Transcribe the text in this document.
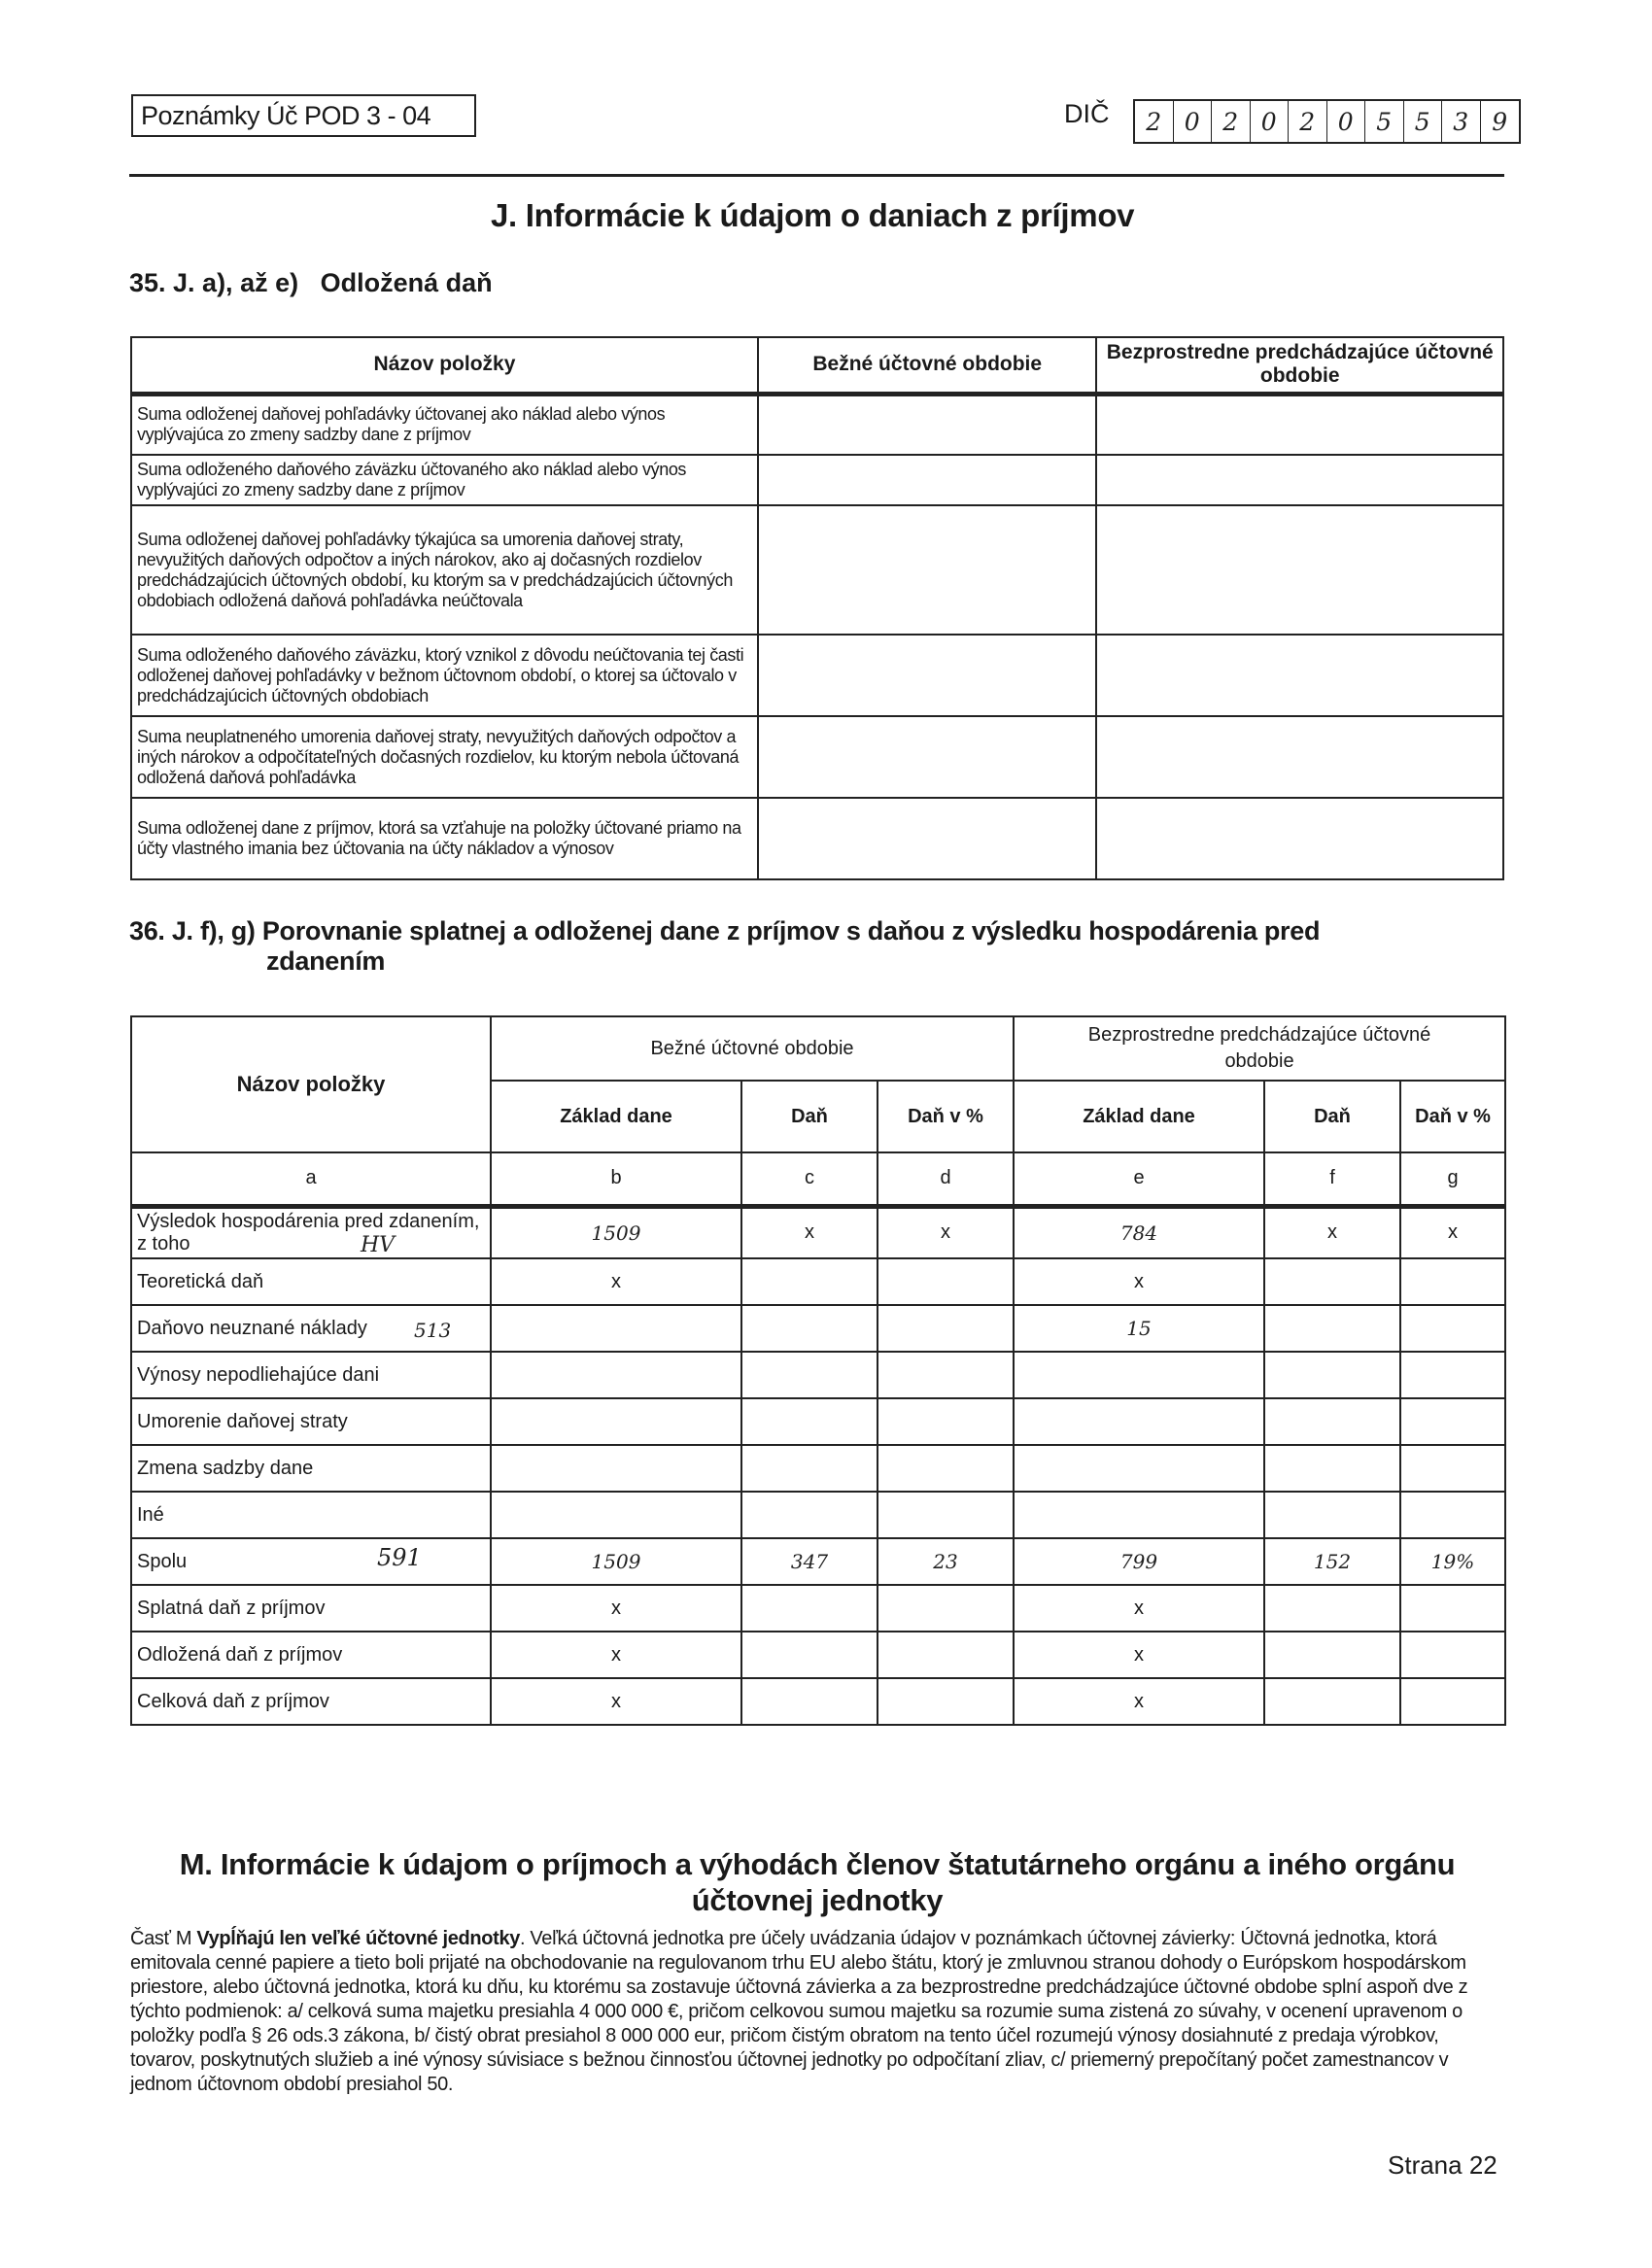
Poznámky Úč POD 3 - 04	DIČ	2 0 2 0 2 0 5 5 3 9
J. Informácie k údajom o daniach z príjmov
35. J. a), až e)   Odložená daň
Názov položky	Bežné účtovné obdobie	Bezprostredne predchádzajúce účtovné obdobie
Suma odloženej daňovej pohľadávky účtovanej ako náklad alebo výnos vyplývajúca zo zmeny sadzby dane z príjmov		
Suma odloženého daňového záväzku účtovaného ako náklad alebo výnos vyplývajúci zo zmeny sadzby dane z príjmov		
Suma odloženej daňovej pohľadávky týkajúca sa umorenia daňovej straty, nevyužitých daňových odpočtov a iných nárokov, ako aj dočasných rozdielov predchádzajúcich účtovných období, ku ktorým sa v predchádzajúcich účtovných obdobiach odložená daňová pohľadávka neúčtovala		
Suma odloženého daňového záväzku, ktorý vznikol z dôvodu neúčtovania tej časti odloženej daňovej pohľadávky v bežnom účtovnom období, o ktorej sa účtovalo v predchádzajúcich účtovných obdobiach		
Suma neuplatneného umorenia daňovej straty, nevyužitých daňových odpočtov a iných nárokov a odpočítateľných dočasných rozdielov, ku ktorým nebola účtovaná odložená daňová pohľadávka		
Suma odloženej dane z príjmov, ktorá sa vzťahuje na položky účtované priamo na účty vlastného imania bez účtovania na účty nákladov a výnosov		
36. J. f), g) Porovnanie splatnej a odloženej dane z príjmov s daňou z výsledku hospodárenia pred
zdanením
Názov položky	Bežné účtovné obdobie			Bezprostredne predchádzajúce účtovné obdobie		
	Základ dane	Daň	Daň v %	Základ dane	Daň	Daň v %
a	b	c	d	e	f	g
Výsledok hospodárenia pred zdanením, z toho HV	1509	x	x	784	x	x
Teoretická daň	x			x		
Daňovo neuznané náklady 513				15		
Výnosy nepodliehajúce dani						
Umorenie daňovej straty						
Zmena sadzby dane						
Iné						
Spolu 591	1509	347	23	799	152	19%
Splatná daň z príjmov	x			x		
Odložená daň z príjmov	x			x		
Celková daň z príjmov	x			x		
M. Informácie k údajom o príjmoch a výhodách členov štatutárneho orgánu a iného orgánu účtovnej jednotky
Časť M Vypĺňajú len veľké účtovné jednotky. Veľká účtovná jednotka pre účely uvádzania údajov v poznámkach účtovnej závierky: Účtovná jednotka, ktorá emitovala cenné papiere a tieto boli prijaté na obchodovanie na regulovanom trhu EU alebo štátu, ktorý je zmluvnou stranou dohody o Európskom hospodárskom priestore, alebo účtovná jednotka, ktorá ku dňu, ku ktorému sa zostavuje účtovná závierka a za bezprostredne predchádzajúce účtovné obdobe splní aspoň dve z týchto podmienok: a/ celková suma majetku presiahla 4 000 000 €, pričom celkovou sumou majetku sa rozumie suma zistená zo súvahy, v ocenení upravenom o položky podľa § 26 ods.3 zákona, b/ čistý obrat presiahol 8 000 000 eur, pričom čistým obratom na tento účel rozumejú výnosy dosiahnuté z predaja výrobkov, tovarov, poskytnutých služieb a iné výnosy súvisiace s bežnou činnosťou účtovnej jednotky po odpočítaní zliav, c/ priemerný prepočítaný počet zamestnancov v jednom účtovnom období presiahol 50.
Strana 22
